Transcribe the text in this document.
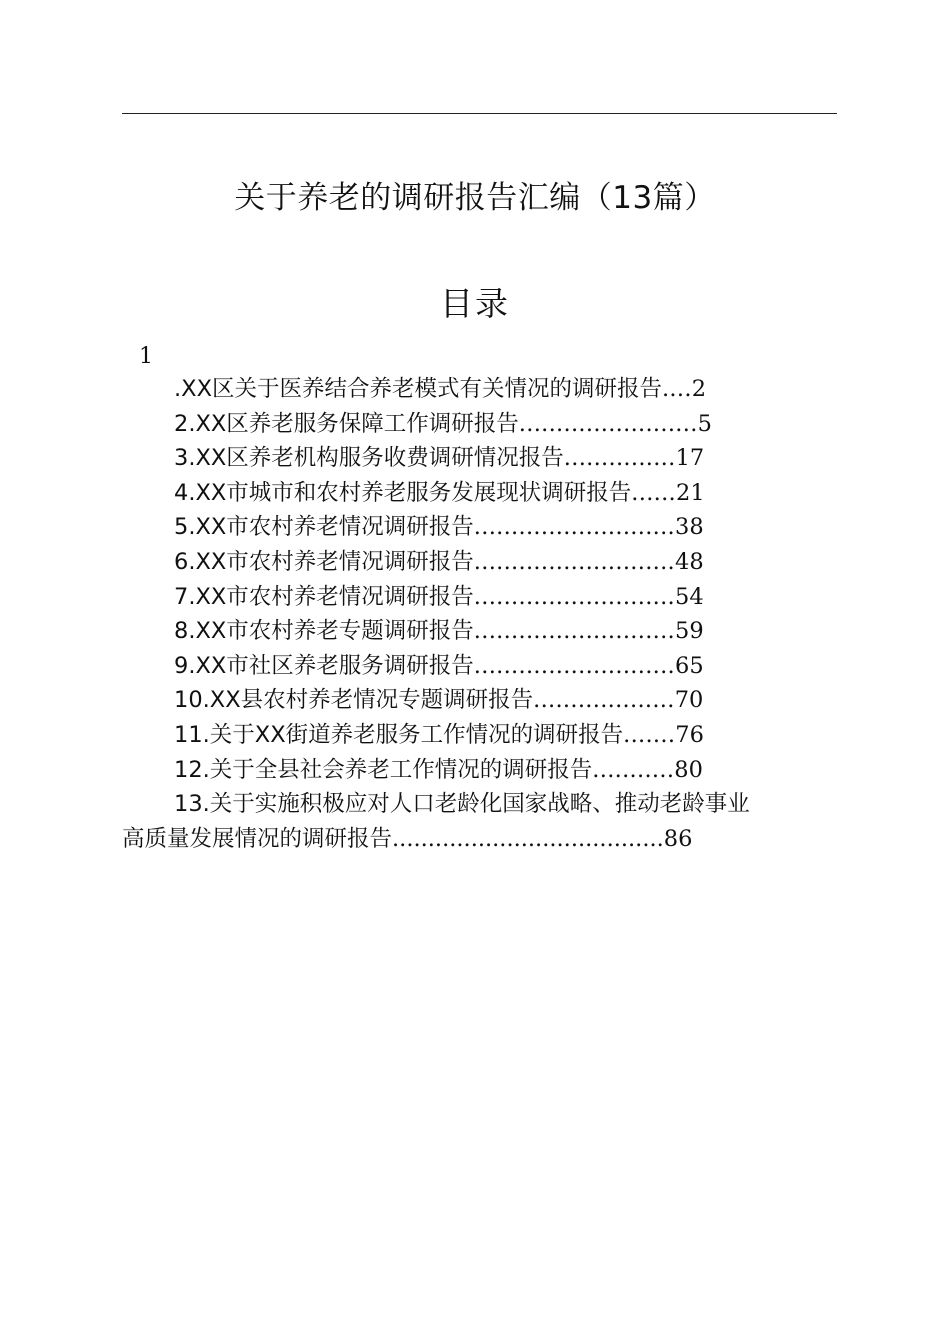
关于养老的调研报告汇编（13篇）
目录
1
.XX区关于医养结合养老模式有关情况的调研报告 .... 2
2.XX区养老服务保障工作调研报告 ........................ 5
3.XX区养老机构服务收费调研情况报告 ............... 17
4.XX市城市和农村养老服务发展现状调研报告 ...... 21
5.XX市农村养老情况调研报告 ........................... 38
6.XX市农村养老情况调研报告 ........................... 48
7.XX市农村养老情况调研报告 ........................... 54
8.XX市农村养老专题调研报告 ........................... 59
9.XX市社区养老服务调研报告 ........................... 65
10.XX县农村养老情况专题调研报告 ................... 70
11.关于XX街道养老服务工作情况的调研报告 ....... 76
12.关于全县社会养老工作情况的调研报告 ........... 80
13.关于实施积极应对人口老龄化国家战略、推动老龄事业
高质量发展情况的调研报告......................................86
